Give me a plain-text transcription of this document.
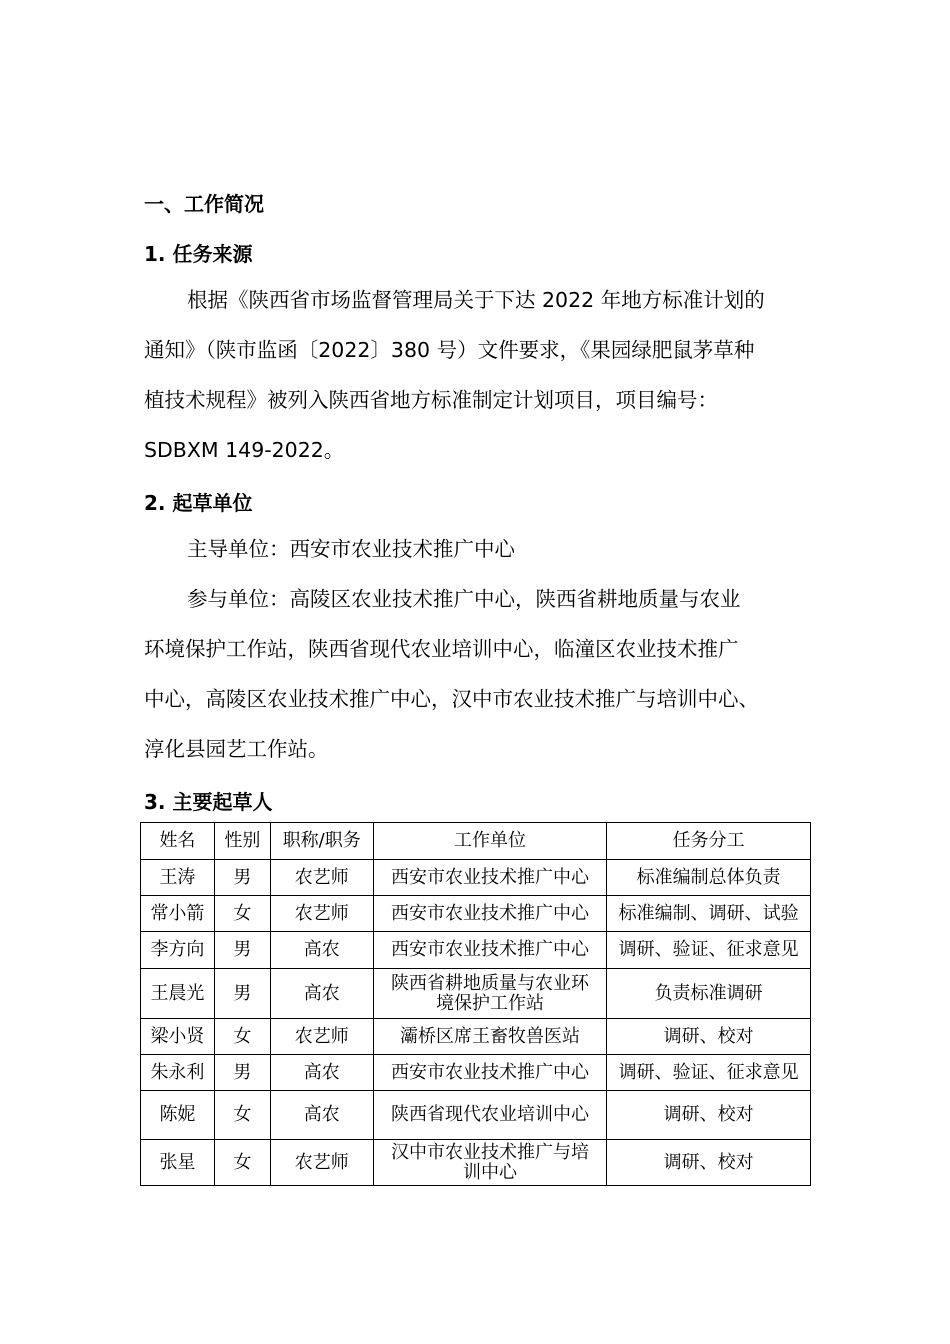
一、工作简况
1. 任务来源
根据《陕西省市场监督管理局关于下达 2022 年地方标准计划的
通知》（陕市监函〔2022〕380 号）文件要求，《果园绿肥鼠茅草种
植技术规程》被列入陕西省地方标准制定计划项目，项目编号：
SDBXM 149-2022。
2. 起草单位
主导单位：西安市农业技术推广中心
参与单位：高陵区农业技术推广中心，陕西省耕地质量与农业
环境保护工作站，陕西省现代农业培训中心，临潼区农业技术推广
中心，高陵区农业技术推广中心，汉中市农业技术推广与培训中心、
淳化县园艺工作站。
3. 主要起草人
姓名	性别	职称/职务	工作单位	任务分工
王涛	男	农艺师	西安市农业技术推广中心	标准编制总体负责
常小箭	女	农艺师	西安市农业技术推广中心	标准编制、调研、试验
李方向	男	高农	西安市农业技术推广中心	调研、验证、征求意见
王晨光	男	高农	陕西省耕地质量与农业环境保护工作站	负责标准调研
梁小贤	女	农艺师	灞桥区席王畜牧兽医站	调研、校对
朱永利	男	高农	西安市农业技术推广中心	调研、验证、征求意见
陈妮	女	高农	陕西省现代农业培训中心	调研、校对
张星	女	农艺师	汉中市农业技术推广与培训中心	调研、校对
